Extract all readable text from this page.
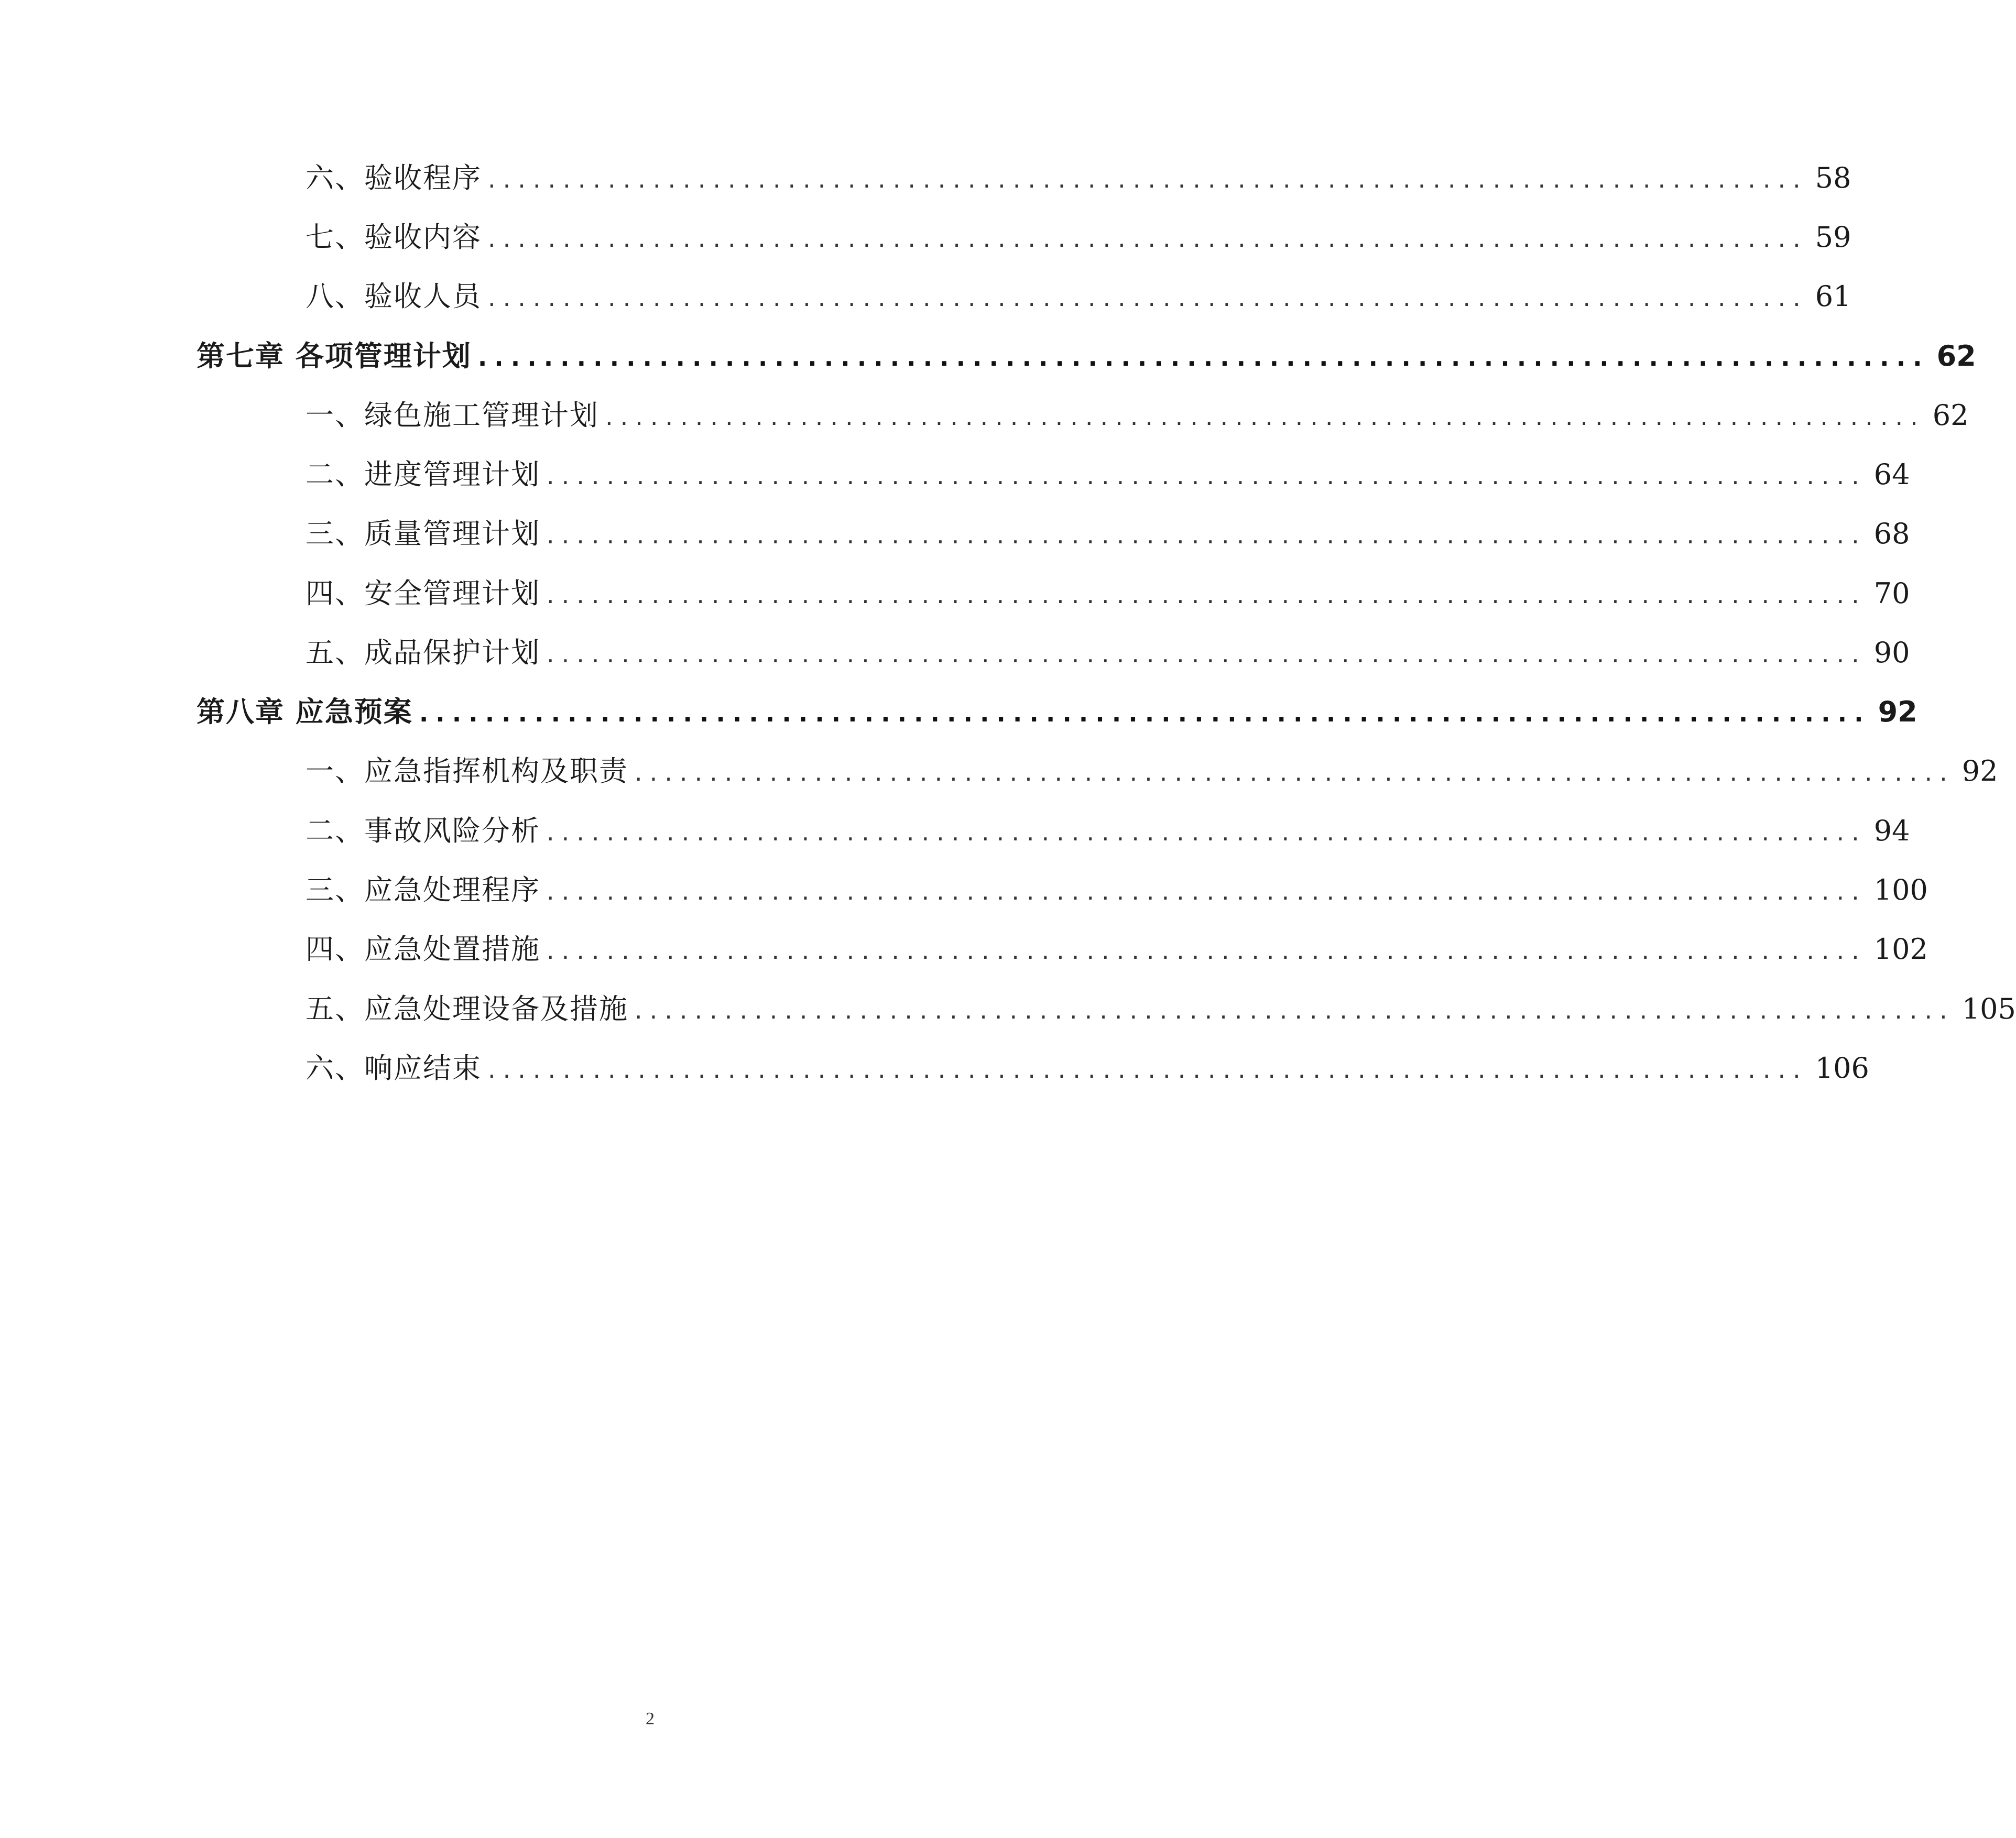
六、验收程序 ........................................................................................ 58
七、验收内容 ........................................................................................ 59
八、验收人员 ........................................................................................ 61
第七章 各项管理计划 ........................................................................................ 62
一、绿色施工管理计划 ........................................................................................ 62
二、进度管理计划 ........................................................................................ 64
三、质量管理计划 ........................................................................................ 68
四、安全管理计划 ........................................................................................ 70
五、成品保护计划 ........................................................................................ 90
第八章 应急预案 ........................................................................................ 92
一、应急指挥机构及职责 ........................................................................................ 92
二、事故风险分析 ........................................................................................ 94
三、应急处理程序 ........................................................................................ 100
四、应急处置措施 ........................................................................................ 102
五、应急处理设备及措施 ........................................................................................ 105
六、响应结束 ........................................................................................ 106
2
